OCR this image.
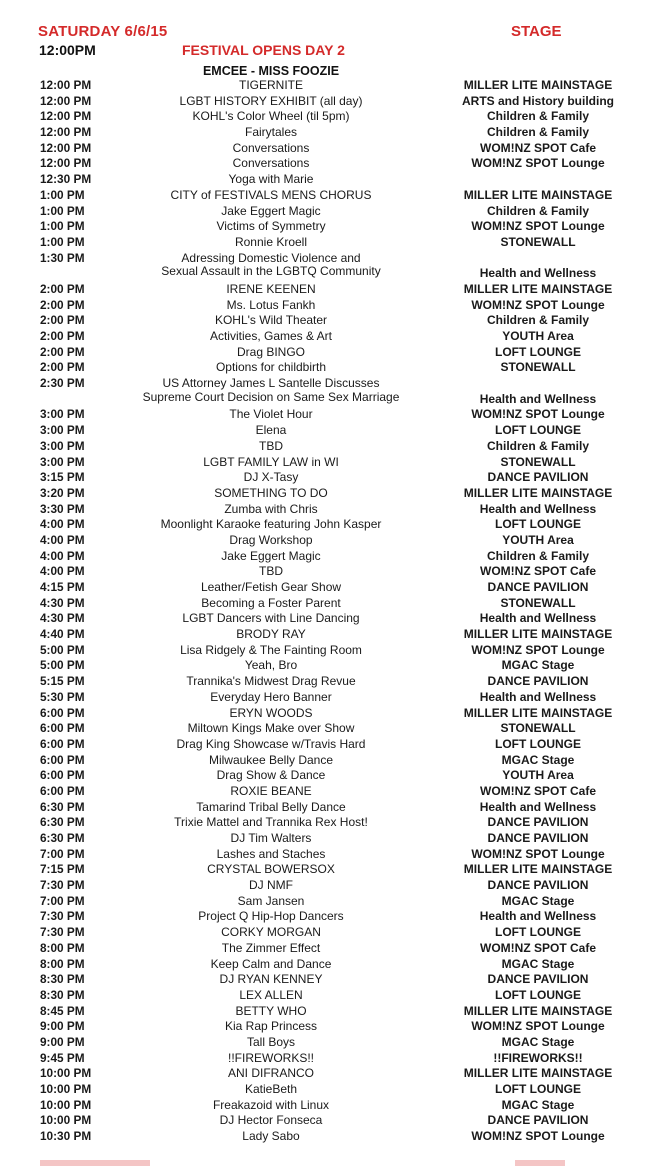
SATURDAY 6/6/15	STAGE
12:00PM	FESTIVAL OPENS DAY 2
EMCEE - MISS FOOZIE
12:00 PM	TIGERNITE	MILLER LITE MAINSTAGE
12:00 PM	LGBT HISTORY EXHIBIT (all day)	ARTS and History building
12:00 PM	KOHL's Color Wheel (til 5pm)	Children & Family
12:00 PM	Fairytales	Children & Family
12:00 PM	Conversations	WOM!NZ SPOT Cafe
12:00 PM	Conversations	WOM!NZ SPOT Lounge
12:30 PM	Yoga with Marie
1:00 PM	CITY of FESTIVALS MENS CHORUS	MILLER LITE MAINSTAGE
1:00 PM	Jake Eggert Magic	Children & Family
1:00 PM	Victims of Symmetry	WOM!NZ SPOT Lounge
1:00 PM	Ronnie Kroell	STONEWALL
1:30 PM	Adressing Domestic Violence and
Sexual Assault in the LGBTQ Community	Health and Wellness
2:00 PM	IRENE KEENEN	MILLER LITE MAINSTAGE
2:00 PM	Ms. Lotus Fankh	WOM!NZ SPOT Lounge
2:00 PM	KOHL's Wild Theater	Children & Family
2:00 PM	Activities, Games & Art	YOUTH Area
2:00 PM	Drag BINGO	LOFT LOUNGE
2:00 PM	Options for childbirth	STONEWALL
2:30 PM	US Attorney James L Santelle Discusses
Supreme Court Decision on Same Sex Marriage	Health and Wellness
3:00 PM	The Violet Hour	WOM!NZ SPOT Lounge
3:00 PM	Elena	LOFT LOUNGE
3:00 PM	TBD	Children & Family
3:00 PM	LGBT FAMILY LAW in WI	STONEWALL
3:15 PM	DJ X-Tasy	DANCE PAVILION
3:20 PM	SOMETHING TO DO	MILLER LITE MAINSTAGE
3:30 PM	Zumba with Chris	Health and Wellness
4:00 PM	Moonlight Karaoke featuring John Kasper	LOFT LOUNGE
4:00 PM	Drag Workshop	YOUTH Area
4:00 PM	Jake Eggert Magic	Children & Family
4:00 PM	TBD	WOM!NZ SPOT Cafe
4:15 PM	Leather/Fetish Gear Show	DANCE PAVILION
4:30 PM	Becoming a Foster Parent	STONEWALL
4:30 PM	LGBT Dancers with Line Dancing	Health and Wellness
4:40 PM	BRODY RAY	MILLER LITE MAINSTAGE
5:00 PM	Lisa Ridgely & The Fainting Room	WOM!NZ SPOT Lounge
5:00 PM	Yeah, Bro	MGAC Stage
5:15 PM	Trannika's Midwest Drag Revue	DANCE PAVILION
5:30 PM	Everyday Hero Banner	Health and Wellness
6:00 PM	ERYN WOODS	MILLER LITE MAINSTAGE
6:00 PM	Miltown Kings Make over Show	STONEWALL
6:00 PM	Drag King Showcase w/Travis Hard	LOFT LOUNGE
6:00 PM	Milwaukee Belly Dance	MGAC Stage
6:00 PM	Drag Show & Dance	YOUTH Area
6:00 PM	ROXIE BEANE	WOM!NZ SPOT Cafe
6:30 PM	Tamarind Tribal Belly Dance	Health and Wellness
6:30 PM	Trixie Mattel and Trannika Rex Host!	DANCE PAVILION
6:30 PM	DJ Tim Walters	DANCE PAVILION
7:00 PM	Lashes and Staches	WOM!NZ SPOT Lounge
7:15 PM	CRYSTAL BOWERSOX	MILLER LITE MAINSTAGE
7:30 PM	DJ NMF	DANCE PAVILION
7:00 PM	Sam Jansen	MGAC Stage
7:30 PM	Project Q Hip-Hop Dancers	Health and Wellness
7:30 PM	CORKY MORGAN	LOFT LOUNGE
8:00 PM	The Zimmer Effect	WOM!NZ SPOT Cafe
8:00 PM	Keep Calm and Dance	MGAC Stage
8:30 PM	DJ RYAN KENNEY	DANCE PAVILION
8:30 PM	LEX ALLEN	LOFT LOUNGE
8:45 PM	BETTY WHO	MILLER LITE MAINSTAGE
9:00 PM	Kia Rap Princess	WOM!NZ SPOT Lounge
9:00 PM	Tall Boys	MGAC Stage
9:45 PM	!!FIREWORKS!!	!!FIREWORKS!!
10:00 PM	ANI DIFRANCO	MILLER LITE MAINSTAGE
10:00 PM	KatieBeth	LOFT LOUNGE
10:00 PM	Freakazoid with Linux	MGAC Stage
10:00 PM	DJ Hector Fonseca	DANCE PAVILION
10:30 PM	Lady Sabo	WOM!NZ SPOT Lounge
